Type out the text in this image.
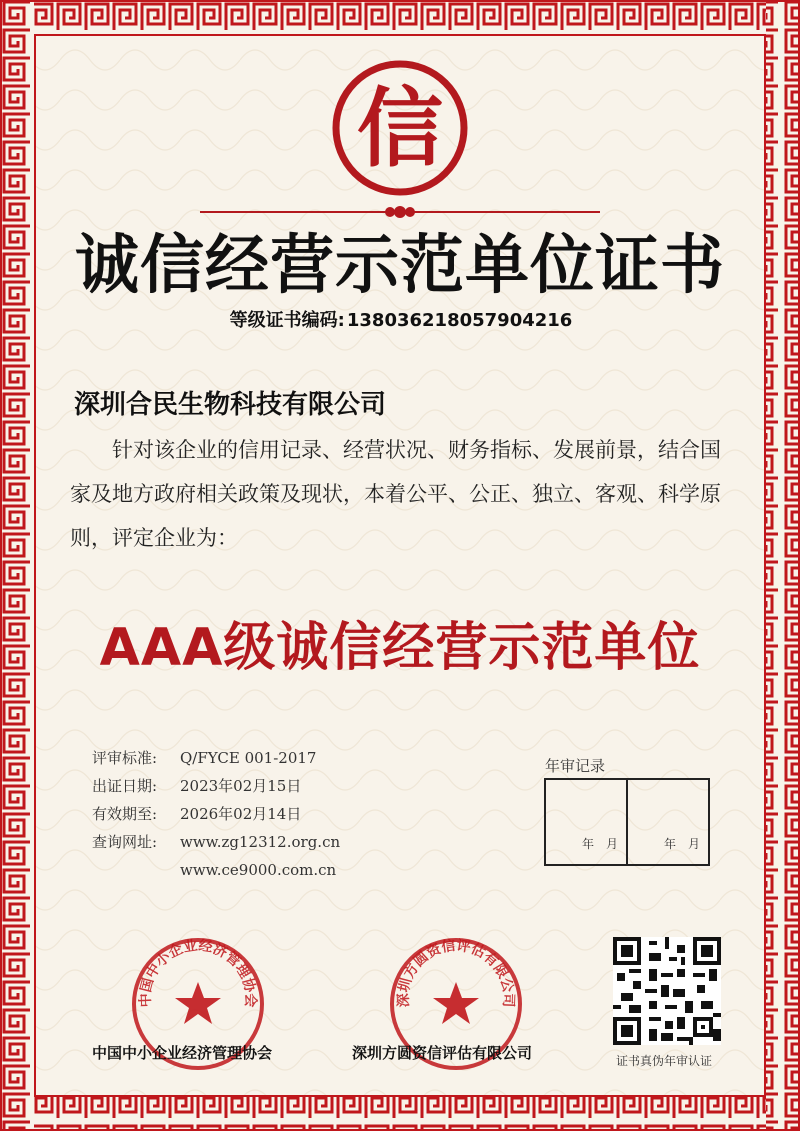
信
诚信经营示范单位证书
等级证书编码: 13803621805790421​6
深圳合民生物科技有限公司
针对该企业的信用记录、经营状况、财务指标、发展前景，结合国家及地方政府相关政策及现状，本着公平、公正、独立、客观、科学原则，评定企业为：
AAA级诚信经营示范单位
评审标准: Q/FYCE 001-2017
出证日期: 2023年02月15日
有效期至: 2026年02月14日
查询网址: www.zg12312.org.cn
www.ce9000.com.cn
年审记录
年　月	年　月
中国中小企业经济管理协会
中国中小企业经济管理协会
深圳方圆资信评估有限公司
深圳方圆资信评估有限公司	证书真伪年审认证
